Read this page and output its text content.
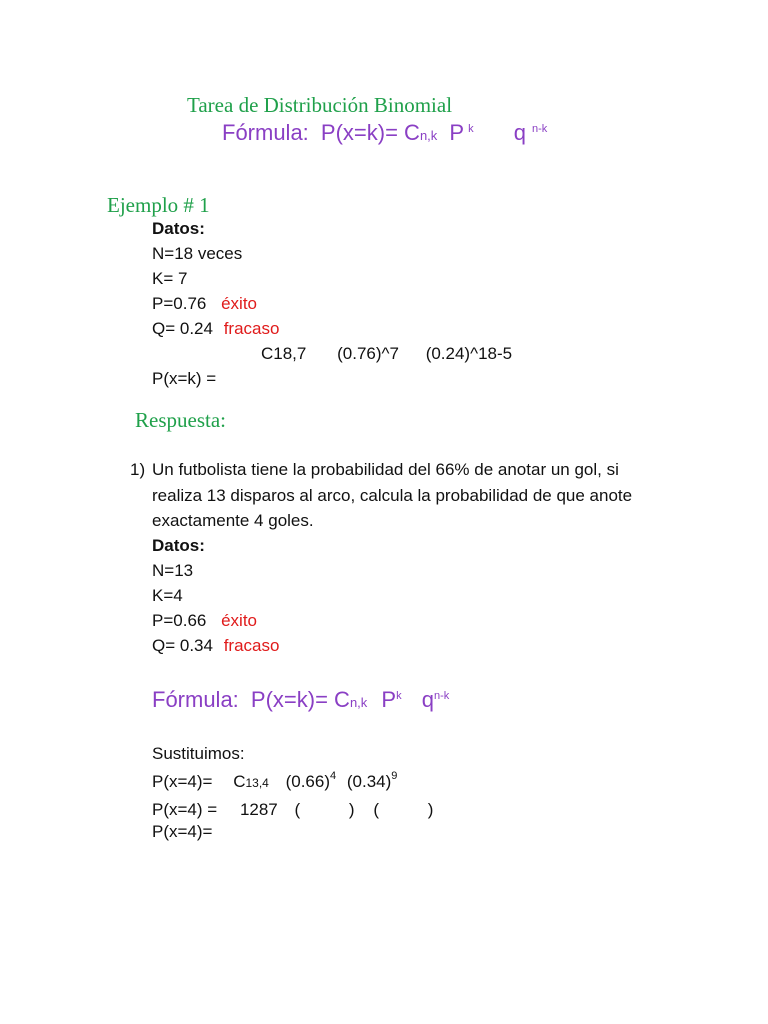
Tarea de Distribución Binomial
Fórmula: P(x=k)= Cn,k P $^k$ q $^{n-k}$
Ejemplo # 1
Datos:
N=18 veces
K= 7
P=0.76 éxito
Q= 0.24 fracaso
C18,7 (0.76)^7 (0.24)^18-5
P(x=k) =
Respuesta:
1) Un futbolista tiene la probabilidad del 66% de anotar un gol, si
realiza 13 disparos al arco, calcula la probabilidad de que anote
exactamente 4 goles.
Datos:
N=13
K=4
P=0.66 éxito
Q= 0.34 fracaso
Fórmula: P(x=k)= Cn,k $P^k$ $q^{n-k}$
Sustituimos:
P(x=4)= C13,4 $(0.66)^4$ $(0.34)^9$
P(x=4) = 1287 (	) (	)
P(x=4)=
